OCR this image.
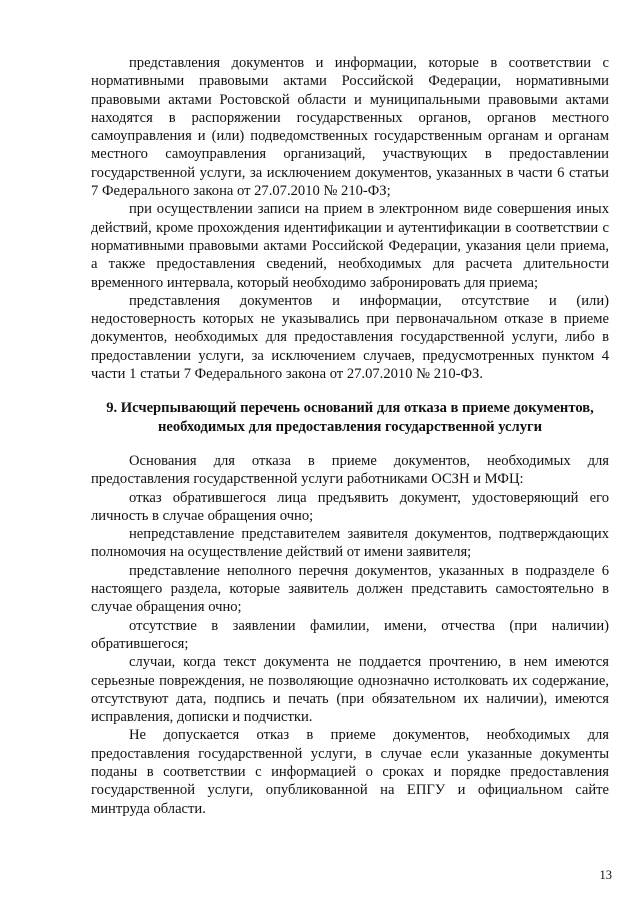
представления документов и информации, которые в соответствии с нормативными правовыми актами Российской Федерации, нормативными правовыми актами Ростовской области и муниципальными правовыми актами находятся в распоряжении государственных органов, органов местного самоуправления и (или) подведомственных государственным органам и органам местного самоуправления организаций, участвующих в предоставлении государственной услуги, за исключением документов, указанных в части 6 статьи 7 Федерального закона от 27.07.2010 № 210-ФЗ;

при осуществлении записи на прием в электронном виде совершения иных действий, кроме прохождения идентификации и аутентификации в соответствии с нормативными правовыми актами Российской Федерации, указания цели приема, а также предоставления сведений, необходимых для расчета длительности временного интервала, который необходимо забронировать для приема;

представления документов и информации, отсутствие и (или) недостоверность которых не указывались при первоначальном отказе в приеме документов, необходимых для предоставления государственной услуги, либо в предоставлении услуги, за исключением случаев, предусмотренных пунктом 4 части 1 статьи 7 Федерального закона от 27.07.2010 № 210-ФЗ.

9. Исчерпывающий перечень оснований для отказа в приеме документов, необходимых для предоставления государственной услуги

Основания для отказа в приеме документов, необходимых для предоставления государственной услуги работниками ОСЗН и МФЦ:

отказ обратившегося лица предъявить документ, удостоверяющий его личность в случае обращения очно;

непредставление представителем заявителя документов, подтверждающих полномочия на осуществление действий от имени заявителя;

представление неполного перечня документов, указанных в подразделе 6 настоящего раздела, которые заявитель должен представить самостоятельно в случае обращения очно;

отсутствие в заявлении фамилии, имени, отчества (при наличии) обратившегося;

случаи, когда текст документа не поддается прочтению, в нем имеются серьезные повреждения, не позволяющие однозначно истолковать их содержание, отсутствуют дата, подпись и печать (при обязательном их наличии), имеются исправления, дописки и подчистки.

Не допускается отказ в приеме документов, необходимых для предоставления государственной услуги, в случае если указанные документы поданы в соответствии с информацией о сроках и порядке предоставления государственной услуги, опубликованной на ЕПГУ и официальном сайте минтруда области.

13
